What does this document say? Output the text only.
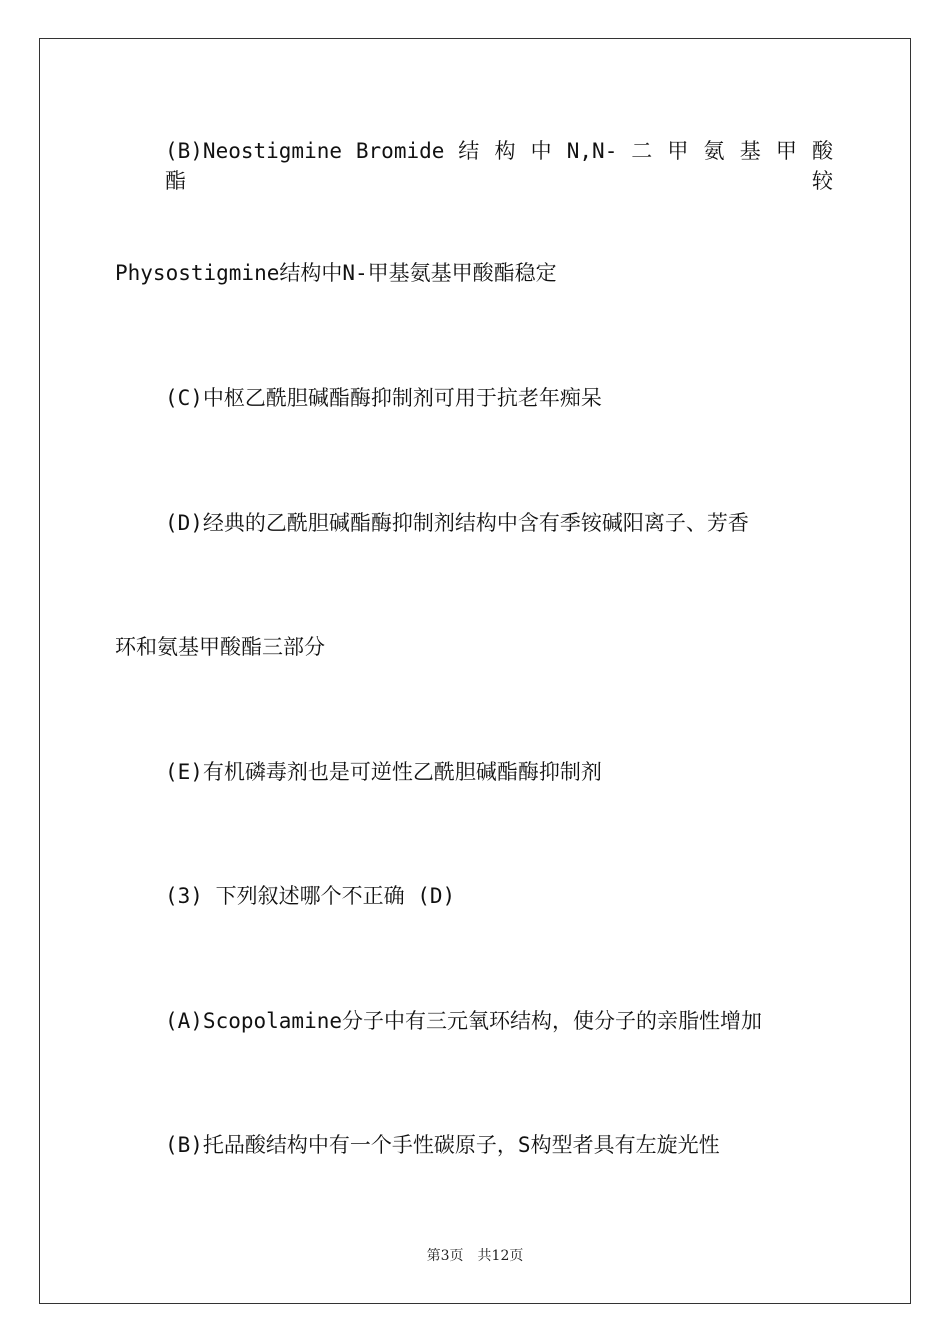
(B)Neostigmine Bromide 结 构 中 N,N- 二 甲 氨 基 甲 酸 酯 较
Physostigmine结构中N-甲基氨基甲酸酯稳定
(C)中枢乙酰胆碱酯酶抑制剂可用于抗老年痴呆
(D)经典的乙酰胆碱酯酶抑制剂结构中含有季铵碱阳离子、芳香
环和氨基甲酸酯三部分
(E)有机磷毒剂也是可逆性乙酰胆碱酯酶抑制剂
(3) 下列叙述哪个不正确 (D)
(A)Scopolamine分子中有三元氧环结构，使分子的亲脂性增加
(B)托品酸结构中有一个手性碳原子，S构型者具有左旋光性
第3页 共12页
